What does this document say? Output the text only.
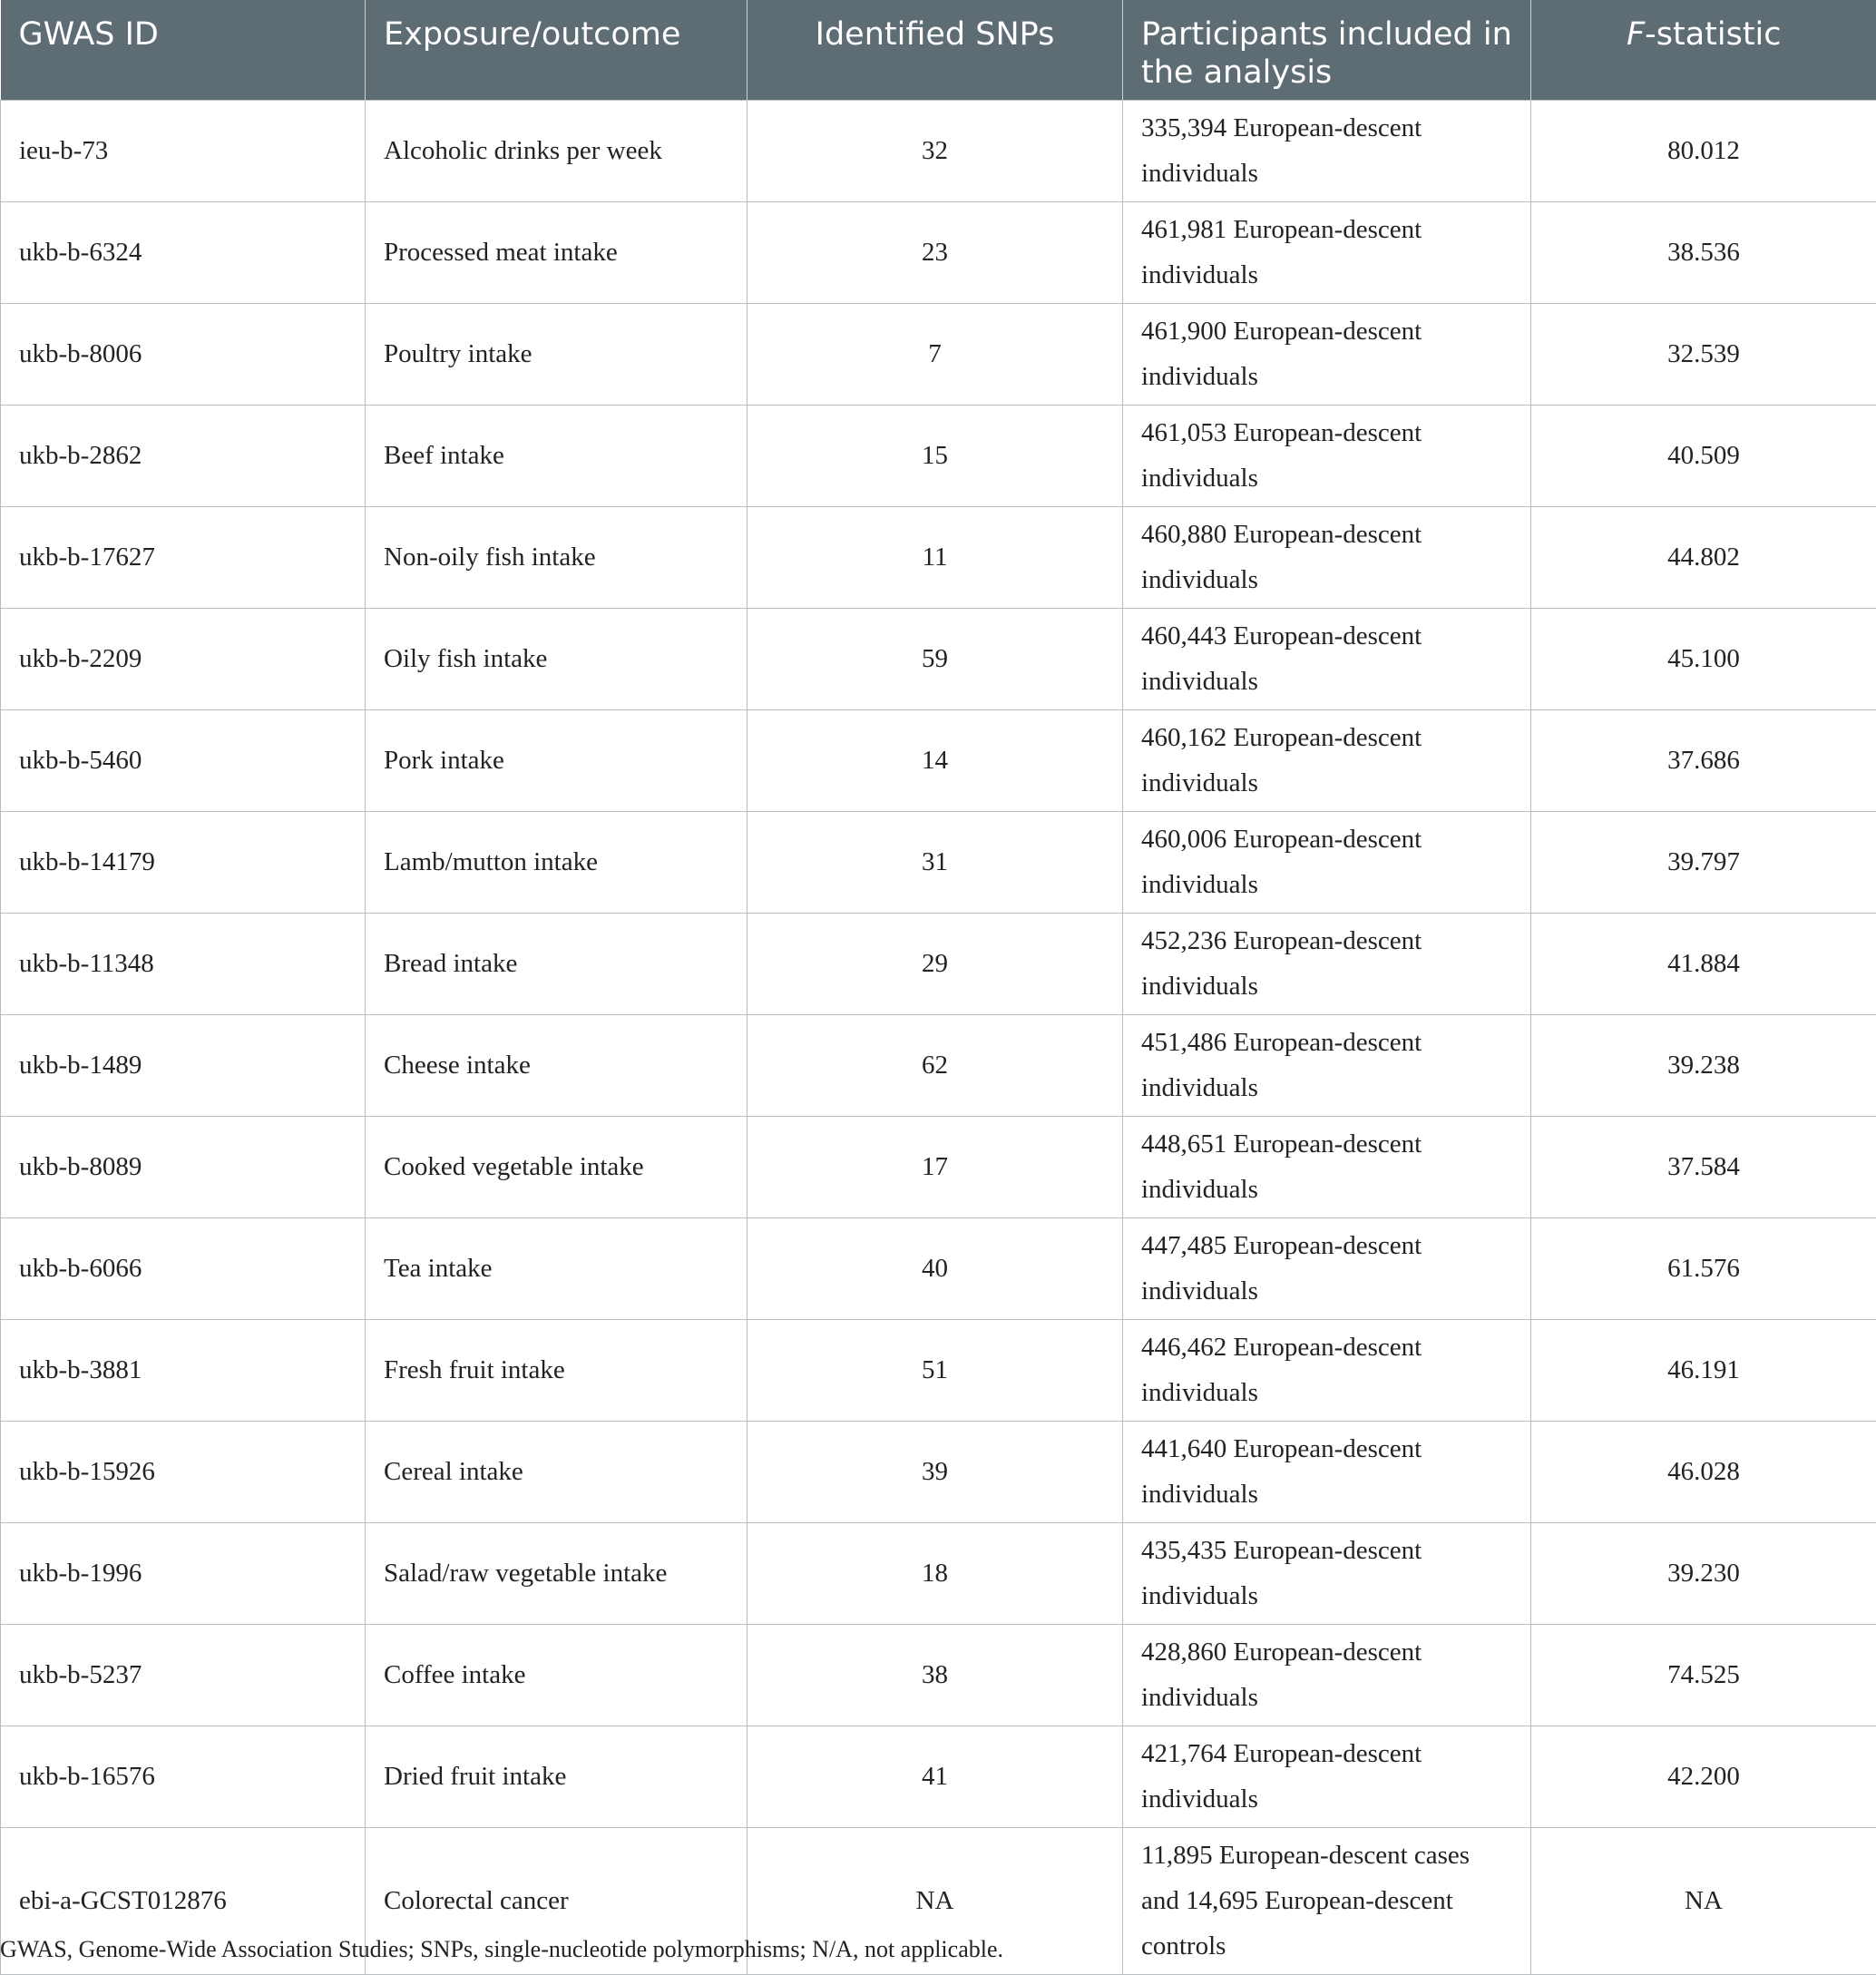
GWAS ID	Exposure/outcome	Identified SNPs	Participants included in the analysis	F-statistic
ieu-b-73	Alcoholic drinks per week	32	335,394 European-descent individuals	80.012
ukb-b-6324	Processed meat intake	23	461,981 European-descent individuals	38.536
ukb-b-8006	Poultry intake	7	461,900 European-descent individuals	32.539
ukb-b-2862	Beef intake	15	461,053 European-descent individuals	40.509
ukb-b-17627	Non-oily fish intake	11	460,880 European-descent individuals	44.802
ukb-b-2209	Oily fish intake	59	460,443 European-descent individuals	45.100
ukb-b-5460	Pork intake	14	460,162 European-descent individuals	37.686
ukb-b-14179	Lamb/mutton intake	31	460,006 European-descent individuals	39.797
ukb-b-11348	Bread intake	29	452,236 European-descent individuals	41.884
ukb-b-1489	Cheese intake	62	451,486 European-descent individuals	39.238
ukb-b-8089	Cooked vegetable intake	17	448,651 European-descent individuals	37.584
ukb-b-6066	Tea intake	40	447,485 European-descent individuals	61.576
ukb-b-3881	Fresh fruit intake	51	446,462 European-descent individuals	46.191
ukb-b-15926	Cereal intake	39	441,640 European-descent individuals	46.028
ukb-b-1996	Salad/raw vegetable intake	18	435,435 European-descent individuals	39.230
ukb-b-5237	Coffee intake	38	428,860 European-descent individuals	74.525
ukb-b-16576	Dried fruit intake	41	421,764 European-descent individuals	42.200
ebi-a-GCST012876	Colorectal cancer	NA	11,895 European-descent cases and 14,695 European-descent controls	NA
GWAS, Genome-Wide Association Studies; SNPs, single-nucleotide polymorphisms; N/A, not applicable.
